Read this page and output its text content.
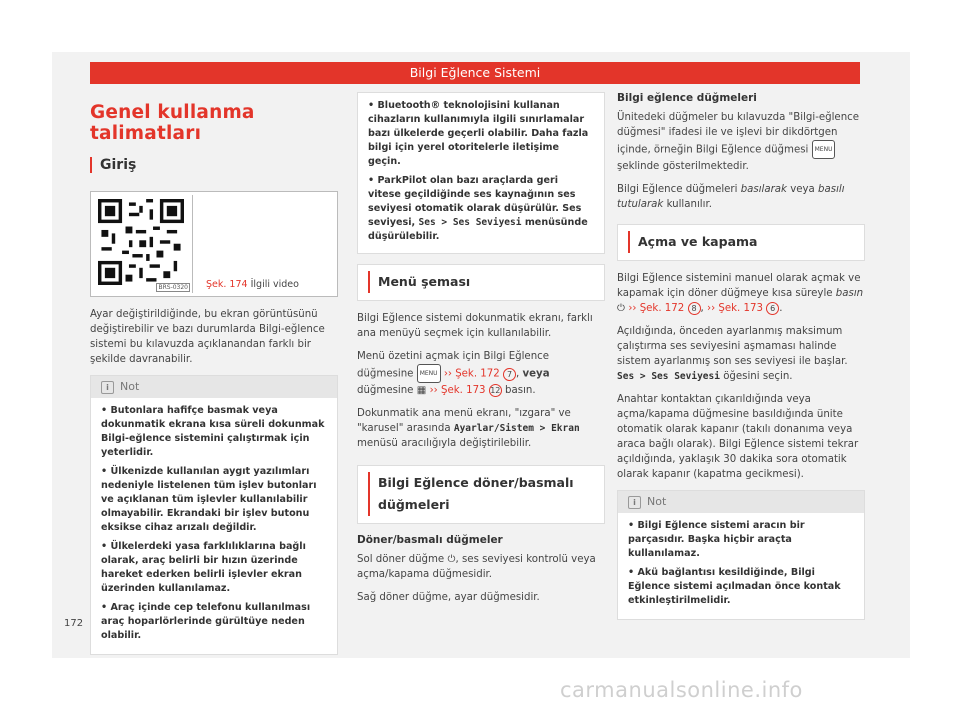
Bilgi Eğlence Sistemi
Genel kullanma talimatları
Giriş
BRS-0320	Şek. 174 İlgili video

Ayar değiştirildiğinde, bu ekran görüntüsünü değiştirebilir ve bazı durumlarda Bilgi-eğlence sistemi bu kılavuzda açıklanandan farklı bir şekilde davranabilir.

i Not
• Butonlara hafifçe basmak veya dokunmatik ekrana kısa süreli dokunmak Bilgi-eğlence sistemini çalıştırmak için yeterlidir.
• Ülkenizde kullanılan aygıt yazılımları nedeniyle listelenen tüm işlev butonları ve açıklanan tüm işlevler kullanılabilir olmayabilir. Ekrandaki bir işlev butonu eksikse cihaz arızalı değildir.
• Ülkelerdeki yasa farklılıklarına bağlı olarak, araç belirli bir hızın üzerinde hareket ederken belirli işlevler ekran üzerinden kullanılamaz.
• Araç içinde cep telefonu kullanılması araç hoparlörlerinde gürültüye neden olabilir.
• Bluetooth® teknolojisini kullanan cihazların kullanımıyla ilgili sınırlamalar bazı ülkelerde geçerli olabilir. Daha fazla bilgi için yerel otoritelerle iletişime geçin.
• ParkPilot olan bazı araçlarda geri vitese geçildiğinde ses kaynağının ses seviyesi otomatik olarak düşürülür. Ses seviyesi, Ses > Ses Seviyesi menüsünde düşürülebilir.
Menü şeması

Bilgi Eğlence sistemi dokunmatik ekranı, farklı ana menüyü seçmek için kullanılabilir.

Menü özetini açmak için Bilgi Eğlence düğmesine MENU ›› Şek. 172 7 , veya düğmesine ▦ ›› Şek. 173 12 basın.

Dokunmatik ana menü ekranı, "ızgara" ve "karusel" arasında Ayarlar/Sistem > Ekran menüsü aracılığıyla değiştirilebilir.

Bilgi Eğlence döner/basmalı düğmeleri
Döner/basmalı düğmeler

Sol döner düğme ⏻, ses seviyesi kontrolü veya açma/kapama düğmesidir.

Sağ döner düğme, ayar düğmesidir.

Bilgi eğlence düğmeleri

Ünitedeki düğmeler bu kılavuzda "Bilgi-eğlence düğmesi" ifadesi ile ve işlevi bir dikdörtgen içinde, örneğin Bilgi Eğlence düğmesi MENU şeklinde gösterilmektedir.

Bilgi Eğlence düğmeleri basılarak veya basılı tutularak kullanılır.

Açma ve kapama

Bilgi Eğlence sistemini manuel olarak açmak ve kapamak için döner düğmeye kısa süreyle basın ⏻ ›› Şek. 172 8 , ›› Şek. 173 6 .

Açıldığında, önceden ayarlanmış maksimum çalıştırma ses seviyesini aşmaması halinde sistem ayarlanmış son ses seviyesi ile başlar. Ses > Ses Seviyesi öğesini seçin.

Anahtar kontaktan çıkarıldığında veya açma/kapama düğmesine basıldığında ünite otomatik olarak kapanır (takılı donanıma veya araca bağlı olarak). Bilgi Eğlence sistemi tekrar açıldığında, yaklaşık 30 dakika sora otomatik olarak kapanır (kapatma gecikmesi).

i Not
• Bilgi Eğlence sistemi aracın bir parçasıdır. Başka hiçbir araçta kullanılamaz.
• Akü bağlantısı kesildiğinde, Bilgi Eğlence sistemi açılmadan önce kontak etkinleştirilmelidir.
172
carmanualsonline.info
